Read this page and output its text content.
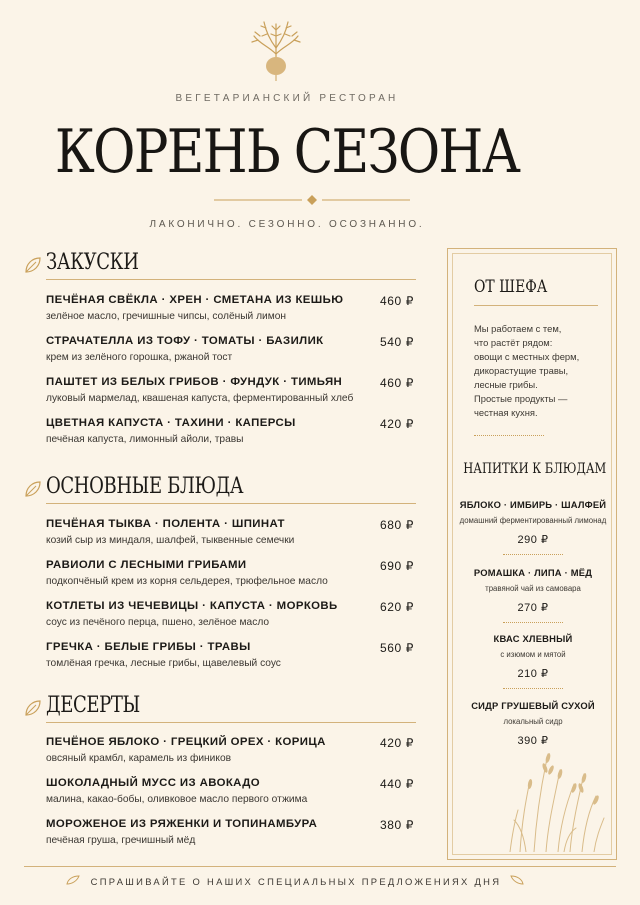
ВЕГЕТАРИАНСКИЙ РЕСТОРАН
КОРЕНЬ СЕЗОНА
ЛАКОНИЧНО. СЕЗОННО. ОСОЗНАННО.
ЗАКУСКИ
ПЕЧЁНАЯ СВЁКЛА · ХРЕН · СМЕТАНА ИЗ КЕШЬЮ	460 ₽
зелёное масло, гречишные чипсы, солёный лимон
СТРАЧАТЕЛЛА ИЗ ТОФУ · ТОМАТЫ · БАЗИЛИК	540 ₽
крем из зелёного горошка, ржаной тост
ПАШТЕТ ИЗ БЕЛЫХ ГРИБОВ · ФУНДУК · ТИМЬЯН	460 ₽
луковый мармелад, квашеная капуста, ферментированный хлеб
ЦВЕТНАЯ КАПУСТА · ТАХИНИ · КАПЕРСЫ	420 ₽
печёная капуста, лимонный айоли, травы
ОСНОВНЫЕ БЛЮДА
ПЕЧЁНАЯ ТЫКВА · ПОЛЕНТА · ШПИНАТ	680 ₽
козий сыр из миндаля, шалфей, тыквенные семечки
РАВИОЛИ С ЛЕСНЫМИ ГРИБАМИ	690 ₽
подкопчёный крем из корня сельдерея, трюфельное масло
КОТЛЕТЫ ИЗ ЧЕЧЕВИЦЫ · КАПУСТА · МОРКОВЬ	620 ₽
соус из печёного перца, пшено, зелёное масло
ГРЕЧКА · БЕЛЫЕ ГРИБЫ · ТРАВЫ	560 ₽
томлёная гречка, лесные грибы, щавелевый соус
ДЕСЕРТЫ
ПЕЧЁНОЕ ЯБЛОКО · ГРЕЦКИЙ ОРЕХ · КОРИЦА	420 ₽
овсяный крамбл, карамель из фиников
ШОКОЛАДНЫЙ МУСС ИЗ АВОКАДО	440 ₽
малина, какао-бобы, оливковое масло первого отжима
МОРОЖЕНОЕ ИЗ РЯЖЕНКИ И ТОПИНАМБУРА	380 ₽
печёная груша, гречишный мёд
ОТ ШЕФА
Мы работаем с тем,
что растёт рядом:
овощи с местных ферм,
дикорастущие травы,
лесные грибы.
Простые продукты —
честная кухня.
НАПИТКИ К БЛЮДАМ
ЯБЛОКО · ИМБИРЬ · ШАЛФЕЙ
домашний ферментированный лимонад
290 ₽
РОМАШКА · ЛИПА · МЁД
травяной чай из самовара
270 ₽
КВАС ХЛЕВНЫЙ
с изюмом и мятой
210 ₽
СИДР ГРУШЕВЫЙ СУХОЙ
локальный сидр
390 ₽
СПРАШИВАЙТЕ О НАШИХ СПЕЦИАЛЬНЫХ ПРЕДЛОЖЕНИЯХ ДНЯ
